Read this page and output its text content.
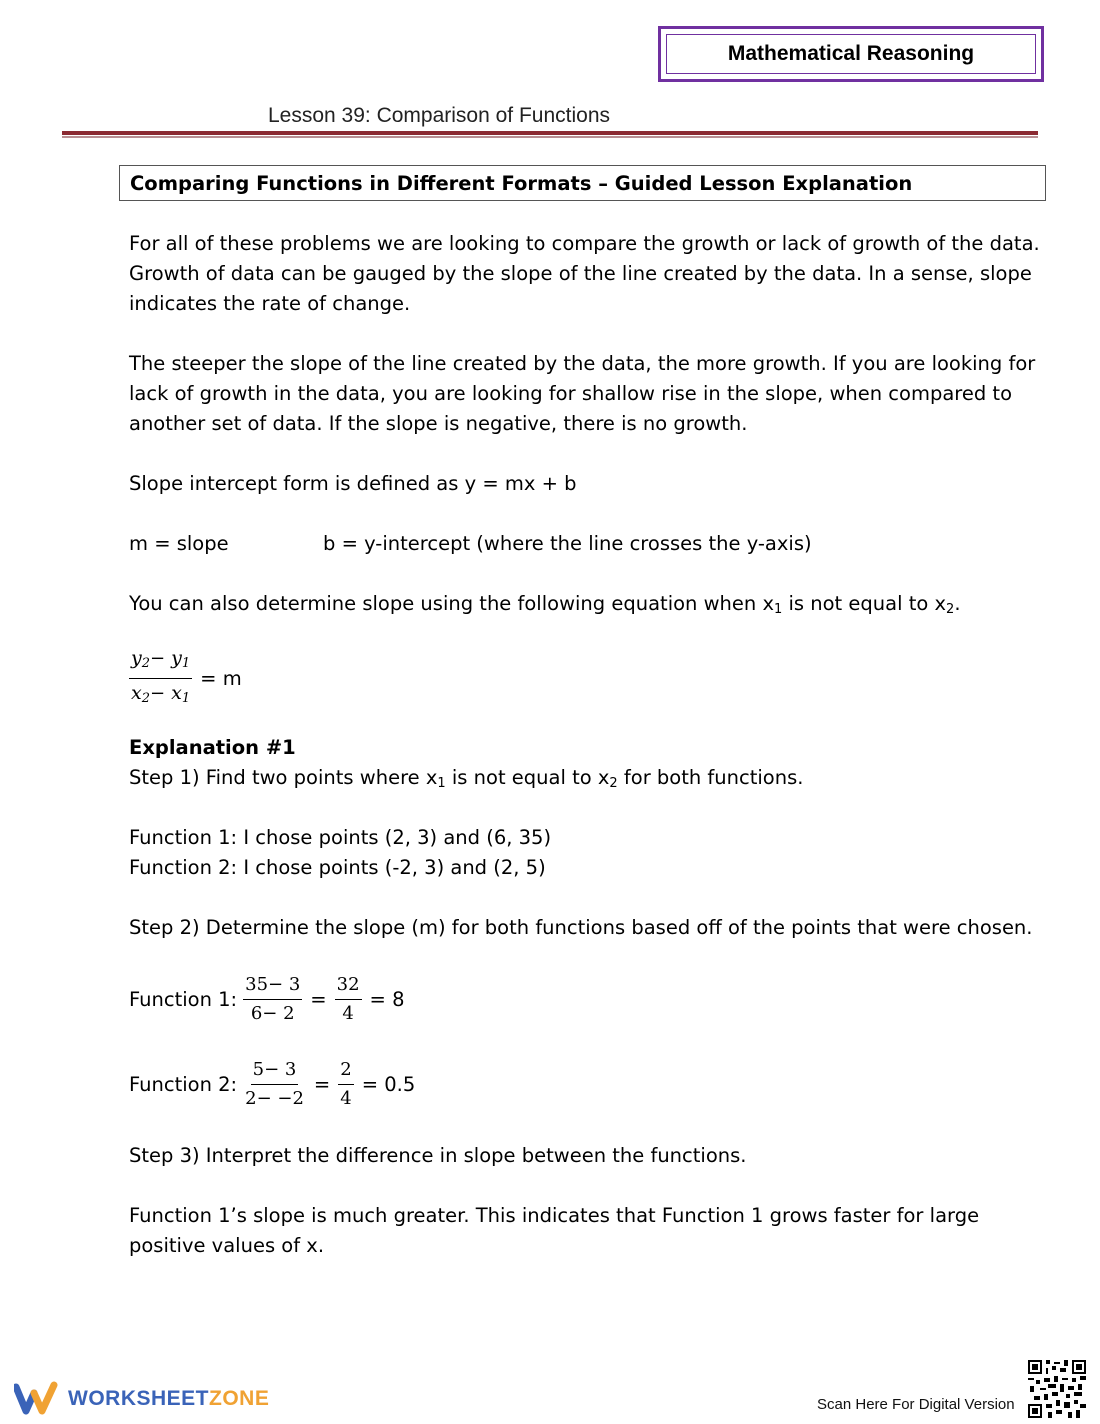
Mathematical Reasoning
Lesson 39: Comparison of Functions
Comparing Functions in Different Formats – Guided Lesson Explanation
For all of these problems we are looking to compare the growth or lack of growth of the data.
Growth of data can be gauged by the slope of the line created by the data. In a sense, slope
indicates the rate of change.
The steeper the slope of the line created by the data, the more growth. If you are looking for
lack of growth in the data, you are looking for shallow rise in the slope, when compared to
another set of data. If the slope is negative, there is no growth.
Slope intercept form is defined as y = mx + b
m = slope	b = y-intercept (where the line crosses the y-axis)
You can also determine slope using the following equation when $x_1$ is not equal to $x_2$.
$\frac{y_2- y_1}{x_2- x_1} = m$
Explanation #1
Step 1) Find two points where $x_1$ is not equal to $x_2$ for both functions.
Function 1: I chose points (2, 3) and (6, 35)
Function 2: I chose points (-2, 3) and (2, 5)
Step 2) Determine the slope (m) for both functions based off of the points that were chosen.
Function 1: $\frac{35- 3}{6- 2} = \frac{32}{4} = 8$
Function 2: $\frac{5- 3}{2- -2} = \frac{2}{4} = 0.5$
Step 3) Interpret the difference in slope between the functions.
Function 1’s slope is much greater. This indicates that Function 1 grows faster for large
positive values of x.
WORKSHEETZONE	Scan Here For Digital Version
